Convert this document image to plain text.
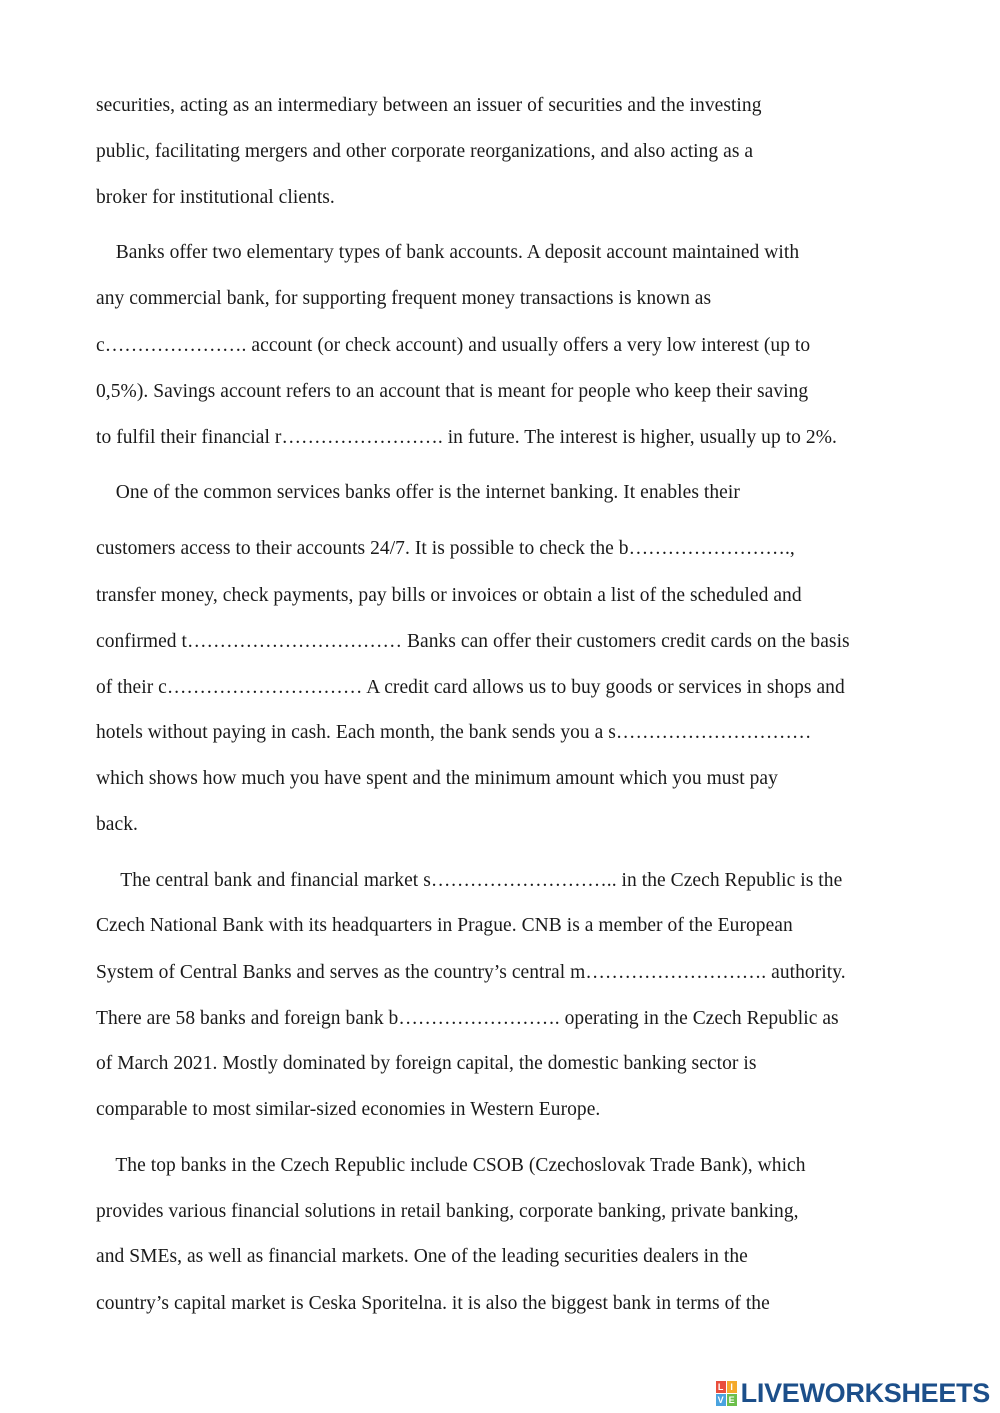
securities, acting as an intermediary between an issuer of securities and the investing
public, facilitating mergers and other corporate reorganizations, and also acting as a
broker for institutional clients.
Banks offer two elementary types of bank accounts. A deposit account maintained with
any commercial bank, for supporting frequent money transactions is known as
c…………………. account (or check account) and usually offers a very low interest (up to
0,5%). Savings account refers to an account that is meant for people who keep their saving
to fulfil their financial r……………………. in future. The interest is higher, usually up to 2%.
One of the common services banks offer is the internet banking. It enables their
customers access to their accounts 24/7. It is possible to check the b…………………….,
transfer money, check payments, pay bills or invoices or obtain a list of the scheduled and
confirmed t…………………………… Banks can offer their customers credit cards on the basis
of their c………………………… A credit card allows us to buy goods or services in shops and
hotels without paying in cash. Each month, the bank sends you a s…………………………
which shows how much you have spent and the minimum amount which you must pay
back.
The central bank and financial market s……………………….. in the Czech Republic is the
Czech National Bank with its headquarters in Prague. CNB is a member of the European
System of Central Banks and serves as the country’s central m………………………. authority.
There are 58 banks and foreign bank b……………………. operating in the Czech Republic as
of March 2021. Mostly dominated by foreign capital, the domestic banking sector is
comparable to most similar-sized economies in Western Europe.
The top banks in the Czech Republic include CSOB (Czechoslovak Trade Bank), which
provides various financial solutions in retail banking, corporate banking, private banking,
and SMEs, as well as financial markets. One of the leading securities dealers in the
country’s capital market is Ceska Sporitelna. it is also the biggest bank in terms of the
L I
V E LIVEWORKSHEETS
